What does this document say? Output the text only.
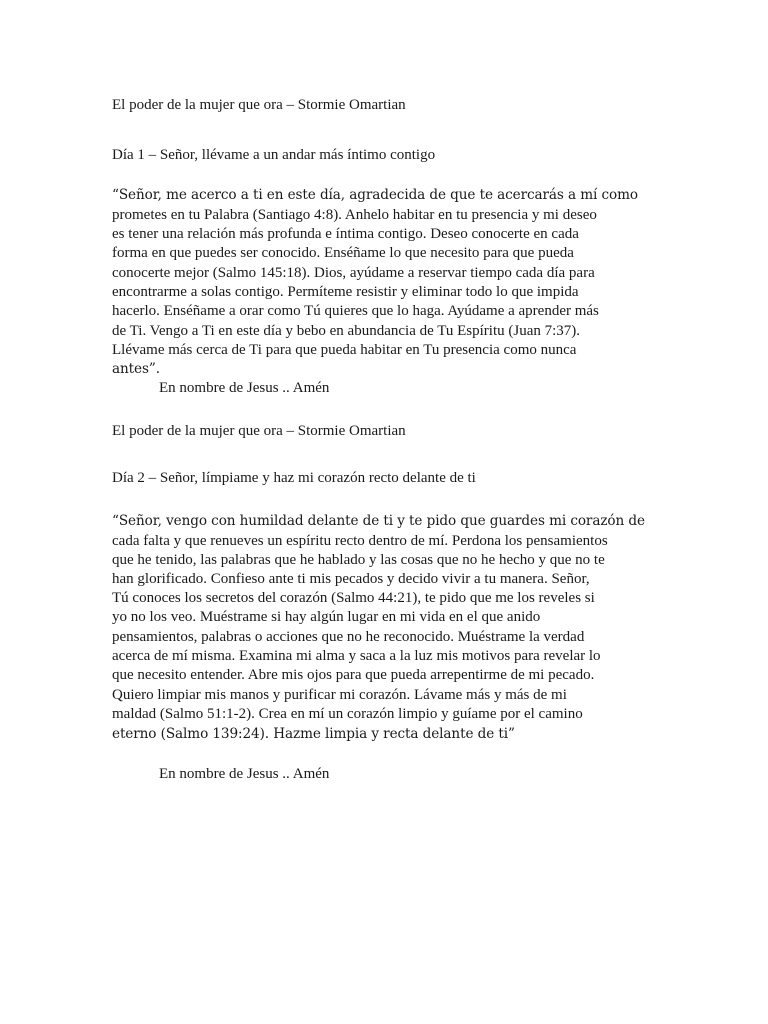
El poder de la mujer que ora – Stormie Omartian
Día 1 – Señor, llévame a un andar más íntimo contigo
“Señor, me acerco a ti en este día, agradecida de que te acercarás a mí como
prometes en tu Palabra (Santiago 4:8). Anhelo habitar en tu presencia y mi deseo
es tener una relación más profunda e íntima contigo. Deseo conocerte en cada
forma en que puedes ser conocido. Enséñame lo que necesito para que pueda
conocerte mejor (Salmo 145:18). Dios, ayúdame a reservar tiempo cada día para
encontrarme a solas contigo. Permíteme resistir y eliminar todo lo que impida
hacerlo. Enséñame a orar como Tú quieres que lo haga. Ayúdame a aprender más
de Ti. Vengo a Ti en este día y bebo en abundancia de Tu Espíritu (Juan 7:37).
Llévame más cerca de Ti para que pueda habitar en Tu presencia como nunca
antes”.
En nombre de Jesus .. Amén
El poder de la mujer que ora – Stormie Omartian
Día 2 – Señor, límpiame y haz mi corazón recto delante de ti
“Señor, vengo con humildad delante de ti y te pido que guardes mi corazón de
cada falta y que renueves un espíritu recto dentro de mí. Perdona los pensamientos
que he tenido, las palabras que he hablado y las cosas que no he hecho y que no te
han glorificado. Confieso ante ti mis pecados y decido vivir a tu manera. Señor,
Tú conoces los secretos del corazón (Salmo 44:21), te pido que me los reveles si
yo no los veo. Muéstrame si hay algún lugar en mi vida en el que anido
pensamientos, palabras o acciones que no he reconocido. Muéstrame la verdad
acerca de mí misma. Examina mi alma y saca a la luz mis motivos para revelar lo
que necesito entender. Abre mis ojos para que pueda arrepentirme de mi pecado.
Quiero limpiar mis manos y purificar mi corazón. Lávame más y más de mi
maldad (Salmo 51:1-2). Crea en mí un corazón limpio y guíame por el camino
eterno (Salmo 139:24). Hazme limpia y recta delante de ti”
En nombre de Jesus .. Amén
